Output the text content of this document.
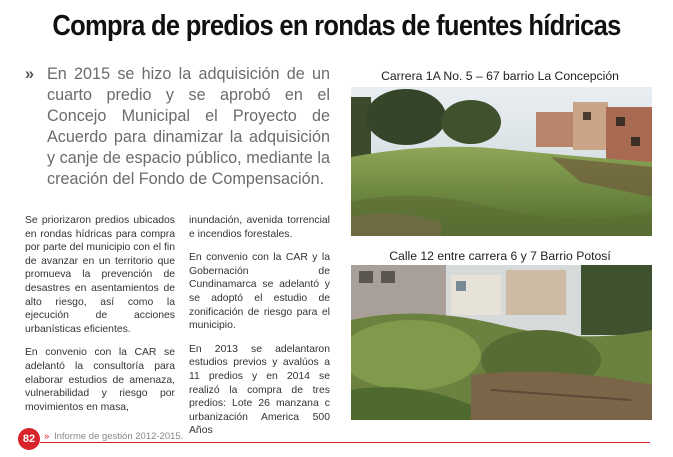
Compra de predios en rondas de fuentes hídricas
» En 2015 se hizo la adquisición de un cuarto predio y se aprobó en el Concejo Municipal el Proyecto de Acuerdo para dinamizar la adquisición y canje de espacio público, mediante la creación del Fondo de Compensación.

Se priorizaron predios ubicados en rondas hídricas para compra por parte del municipio con el fin de avanzar en un territorio que promueva la prevención de desastres en asentamientos de alto riesgo, así como la ejecución de acciones urbanísticas eficientes.

En convenio con la CAR se adelantó la consultoría para elaborar estudios de amenaza, vulnerabilidad y riesgo por movimientos en masa,

inundación, avenida torrencial e incendios forestales.

En convenio con la CAR y la Gobernación de Cundinamarca se adelantó y se adoptó el estudio de zonificación de riesgo para el municipio.

En 2013 se adelantaron estudios previos y avalúos a 11 predios y en 2014 se realizó la compra de tres predios: Lote 26 manzana c urbanización America 500 Años

Carrera 1A No. 5 – 67 barrio La Concepción
Calle 12 entre carrera 6 y 7 Barrio Potosí
82 » Informe de gestión 2012-2015.
